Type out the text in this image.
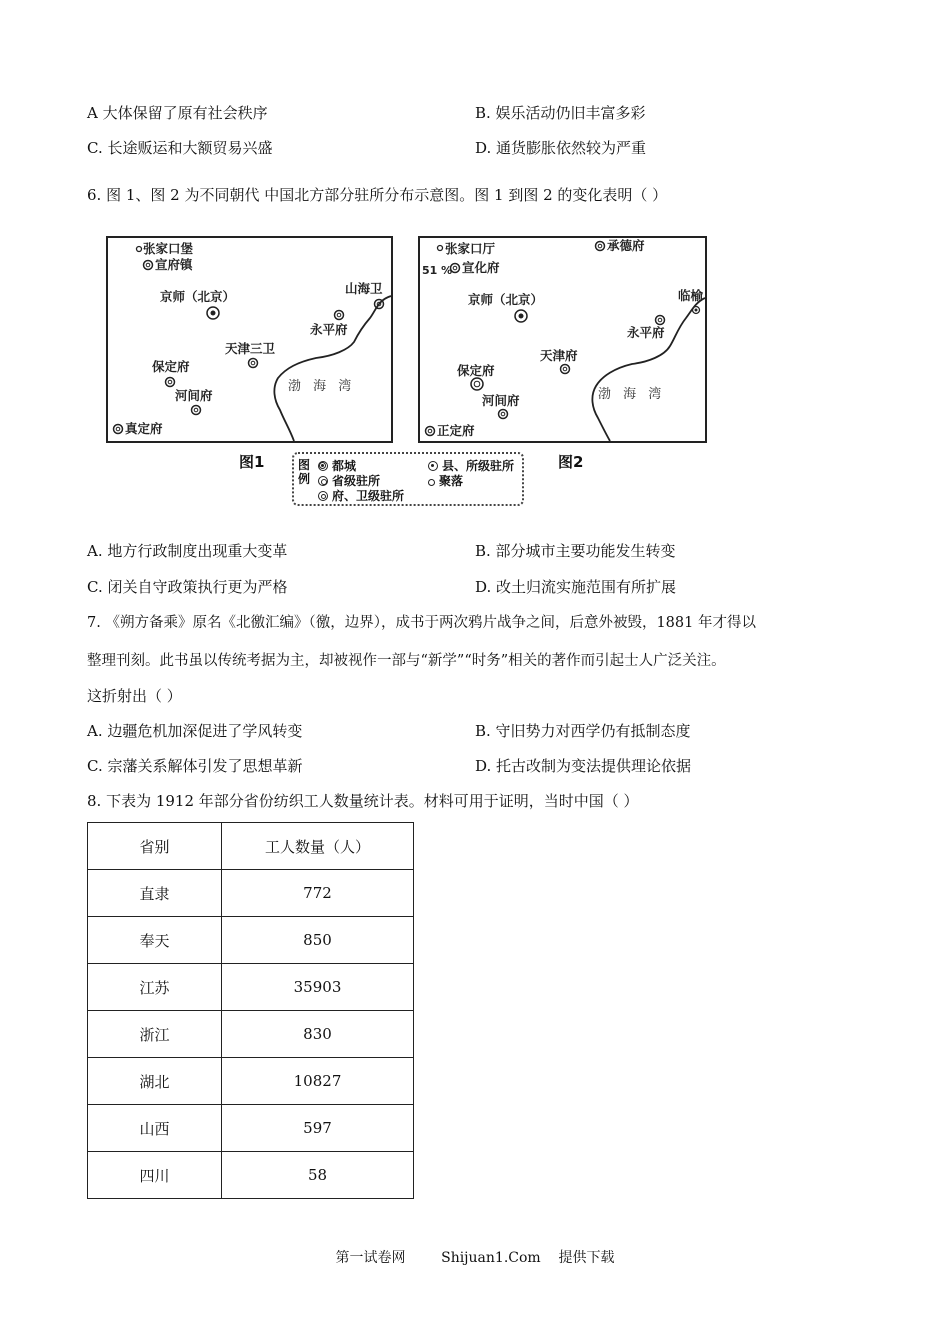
A 大体保留了原有社会秩序	B. 娱乐活动仍旧丰富多彩
C. 长途贩运和大额贸易兴盛	D. 通货膨胀依然较为严重
6. 图 1、图 2 为不同朝代 中国北方部分驻所分布示意图。图 1 到图 2 的变化表明（ ）
张家口堡
宣府镇
京师（北京）
山海卫
永平府
天津三卫
保定府
河间府
真定府
渤 海 湾
图1
张家口厅
51 % 宣化府
承德府
京师（北京）	临榆
永平府
天津府
保定府
河间府
正定府
渤 海 湾
图2
图例
都城
省级驻所
府、卫级驻所
县、所级驻所
聚落
A. 地方行政制度出现重大变革	B. 部分城市主要功能发生转变
C. 闭关自守政策执行更为严格	D. 改土归流实施范围有所扩展
7. 《朔方备乘》原名《北徼汇编》（徼，边界），成书于两次鸦片战争之间，后意外被毁，1881 年才得以
整理刊刻。此书虽以传统考据为主，却被视作一部与“新学”“时务”相关的著作而引起士人广泛关注。
这折射出（ ）
A. 边疆危机加深促进了学风转变	B. 守旧势力对西学仍有抵制态度
C. 宗藩关系解体引发了思想革新	D. 托古改制为变法提供理论依据
8. 下表为 1912 年部分省份纺织工人数量统计表。材料可用于证明，当时中国（ ）
省别	工人数量（人）
直隶	772
奉天	850
江苏	35903
浙江	830
湖北	10827
山西	597
四川	58
第一试卷网        Shijuan1.Com    提供下载
